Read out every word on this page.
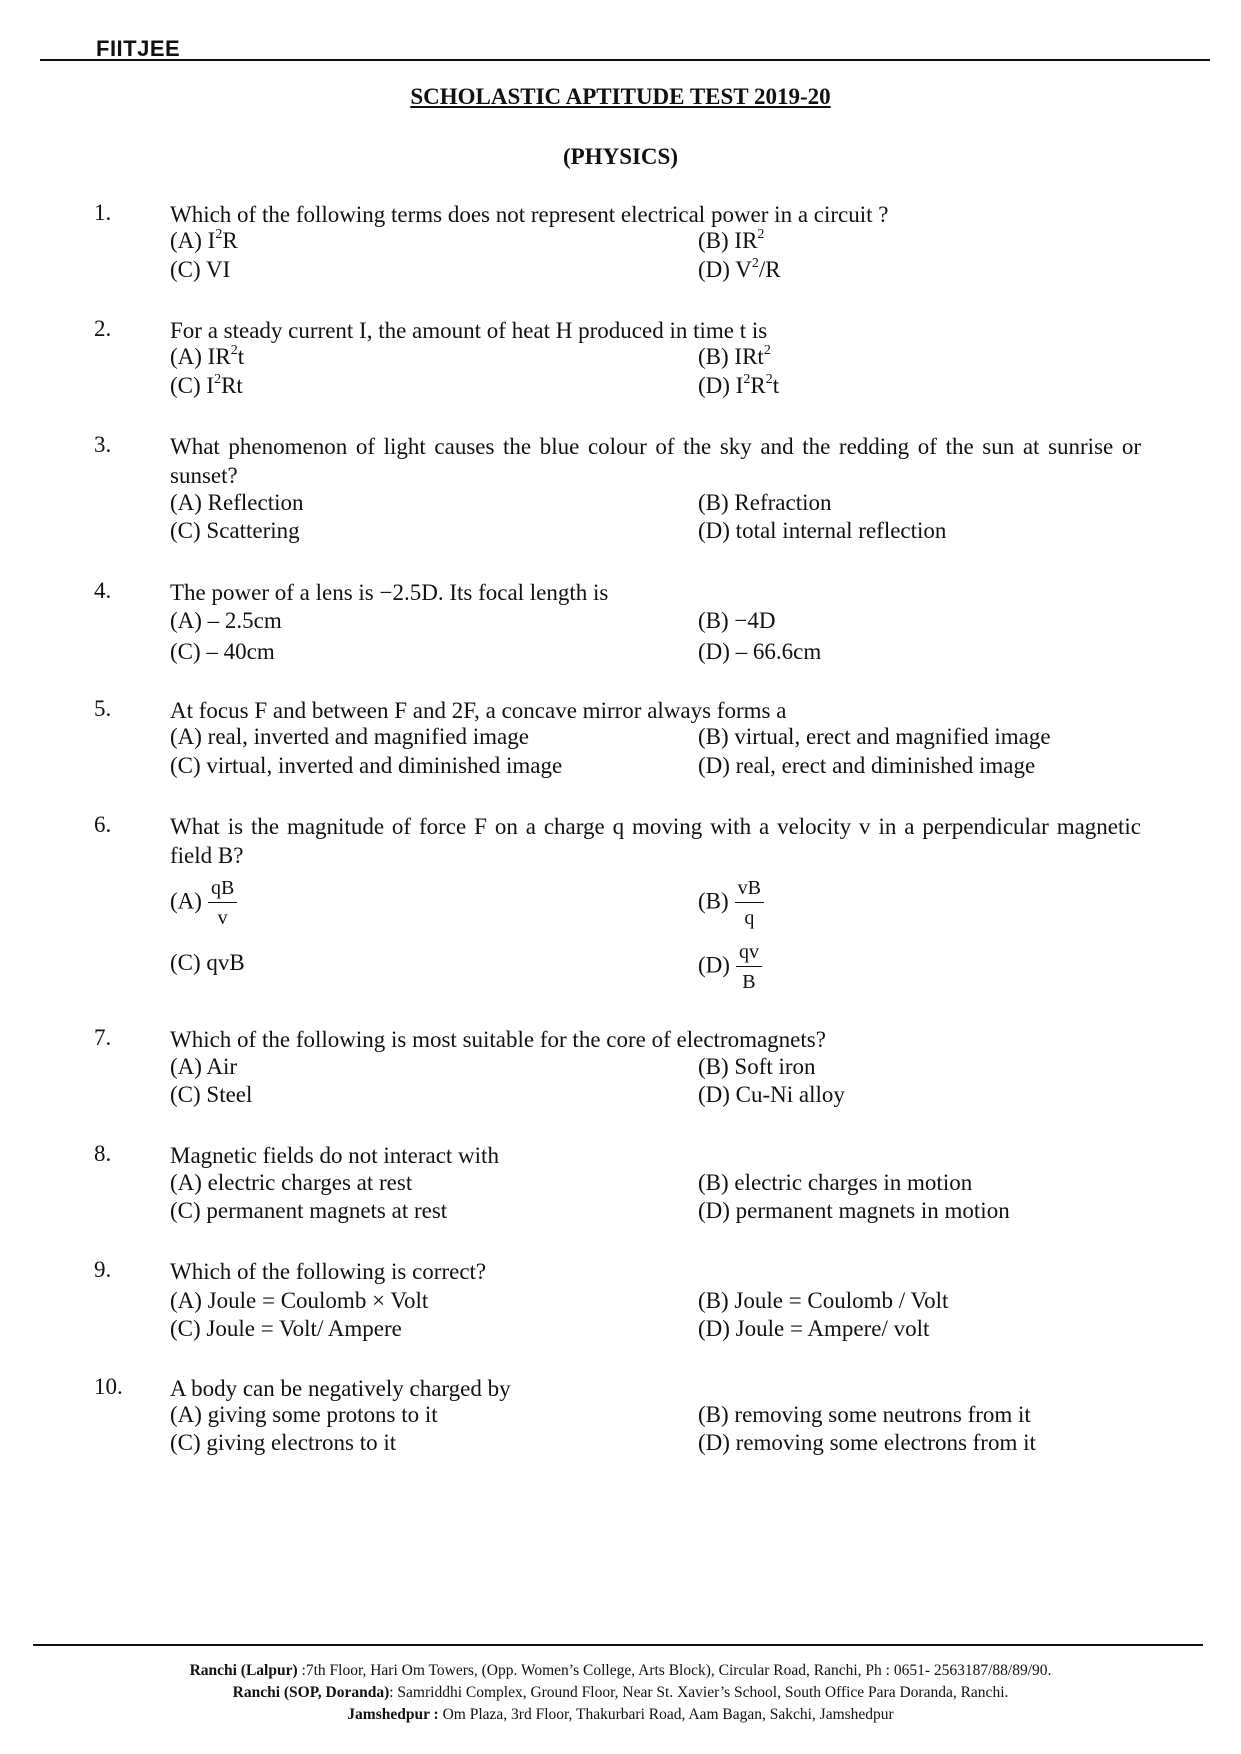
FIITJEE
SCHOLASTIC APTITUDE TEST 2019-20
(PHYSICS)
1.	Which of the following terms does not represent electrical power in a circuit ?
(A) $I^2R$	(B) $IR^2$
(C) VI	(D) $V^2/R$
2.	For a steady current I, the amount of heat H produced in time t is
(A) $IR^2t$	(B) IRt$^2$
(C) $I^2Rt$	(D) $I^2R^2t$
3.	What phenomenon of light causes the blue colour of the sky and the redding of the sun at sunrise or sunset?
(A) Reflection	(B) Refraction
(C) Scattering	(D) total internal reflection
4.	The power of a lens is −2.5D. Its focal length is
(A) – 2.5cm	(B) −4D
(C) – 40cm	(D) – 66.6cm
5.	At focus F and between F and 2F, a concave mirror always forms a
(A) real, inverted and magnified image	(B) virtual, erect and magnified image
(C) virtual, inverted and diminished image	(D) real, erect and diminished image
6.	What is the magnitude of force F on a charge q moving with a velocity v in a perpendicular magnetic field B?
$(A) \frac{qB}{v}$	$(B) \frac{vB}{q}$
(C) qvB	$(D) \frac{qv}{B}$
7.	Which of the following is most suitable for the core of electromagnets?
(A) Air	(B) Soft iron
(C) Steel	(D) Cu-Ni alloy
8.	Magnetic fields do not interact with
(A) electric charges at rest	(B) electric charges in motion
(C) permanent magnets at rest	(D) permanent magnets in motion
9.	Which of the following is correct?
(A) Joule = Coulomb × Volt	(B) Joule = Coulomb / Volt
(C) Joule = Volt/ Ampere	(D) Joule = Ampere/ volt
10. A body can be negatively charged by
(A) giving some protons to it	(B) removing some neutrons from it
(C) giving electrons to it	(D) removing some electrons from it
Ranchi (Lalpur) :7th Floor, Hari Om Towers, (Opp. Women’s College, Arts Block), Circular Road, Ranchi, Ph : 0651- 2563187/88/89/90.
Ranchi (SOP, Doranda): Samriddhi Complex, Ground Floor, Near St. Xavier’s School, South Office Para Doranda, Ranchi.
Jamshedpur : Om Plaza, 3rd Floor, Thakurbari Road, Aam Bagan, Sakchi, Jamshedpur
